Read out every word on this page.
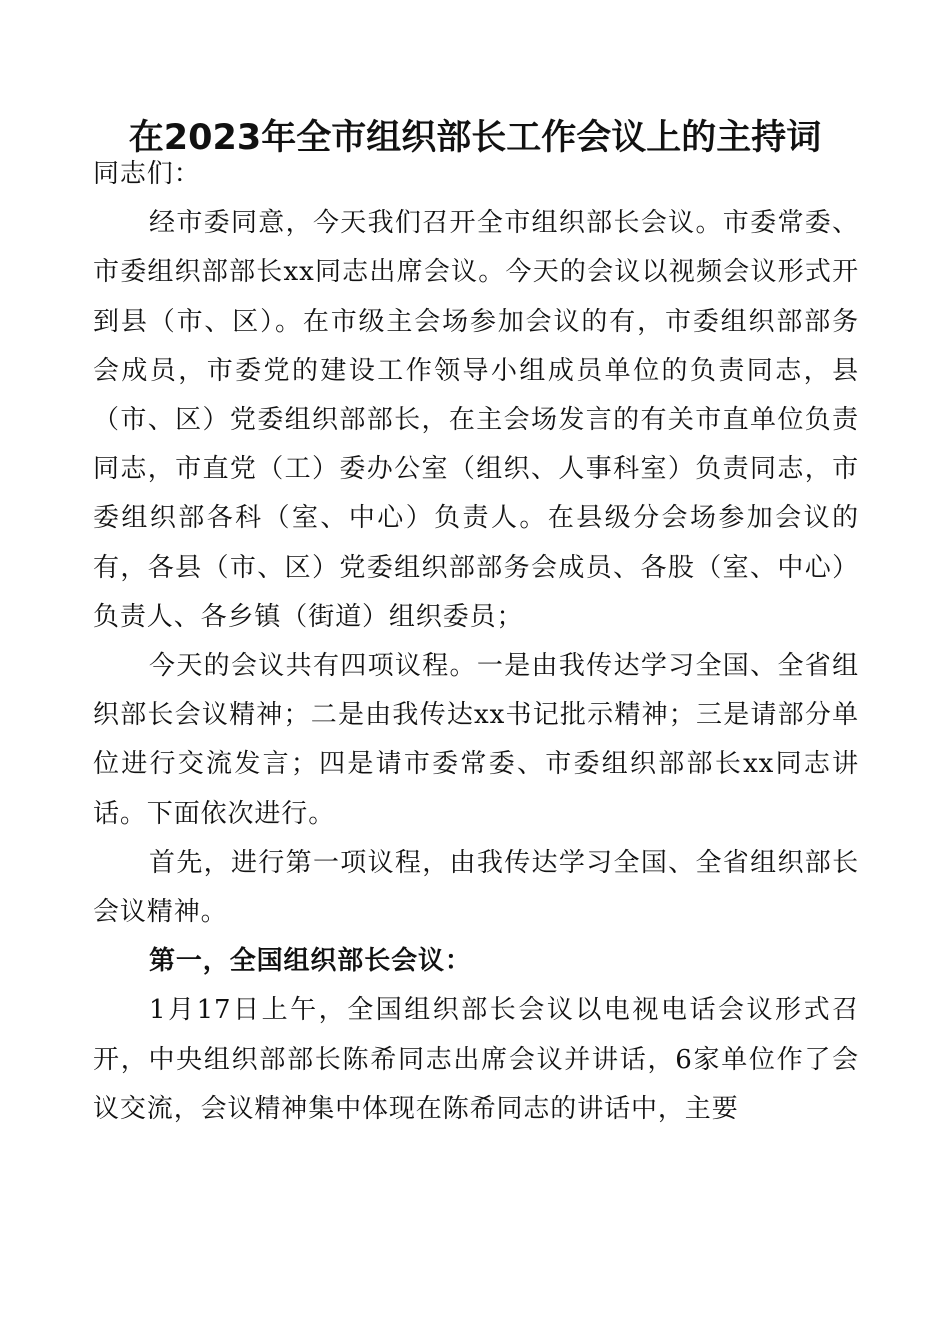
在2023年全市组织部长工作会议上的主持词

同志们：

经市委同意，今天我们召开全市组织部长会议。市委常委、市委组织部部长xx同志出席会议。今天的会议以视频会议形式开到县（市、区）。在市级主会场参加会议的有，市委组织部部务会成员，市委党的建设工作领导小组成员单位的负责同志，县（市、区）党委组织部部长，在主会场发言的有关市直单位负责同志，市直党（工）委办公室（组织、人事科室）负责同志，市委组织部各科（室、中心）负责人。在县级分会场参加会议的有，各县（市、区）党委组织部部务会成员、各股（室、中心）负责人、各乡镇（街道）组织委员；

今天的会议共有四项议程。一是由我传达学习全国、全省组织部长会议精神；二是由我传达xx书记批示精神；三是请部分单位进行交流发言；四是请市委常委、市委组织部部长xx同志讲话。下面依次进行。

首先，进行第一项议程，由我传达学习全国、全省组织部长会议精神。

第一，全国组织部长会议：

1月17日上午，全国组织部长会议以电视电话会议形式召开，中央组织部部长陈希同志出席会议并讲话，6家单位作了会议交流，会议精神集中体现在陈希同志的讲话中，主要
